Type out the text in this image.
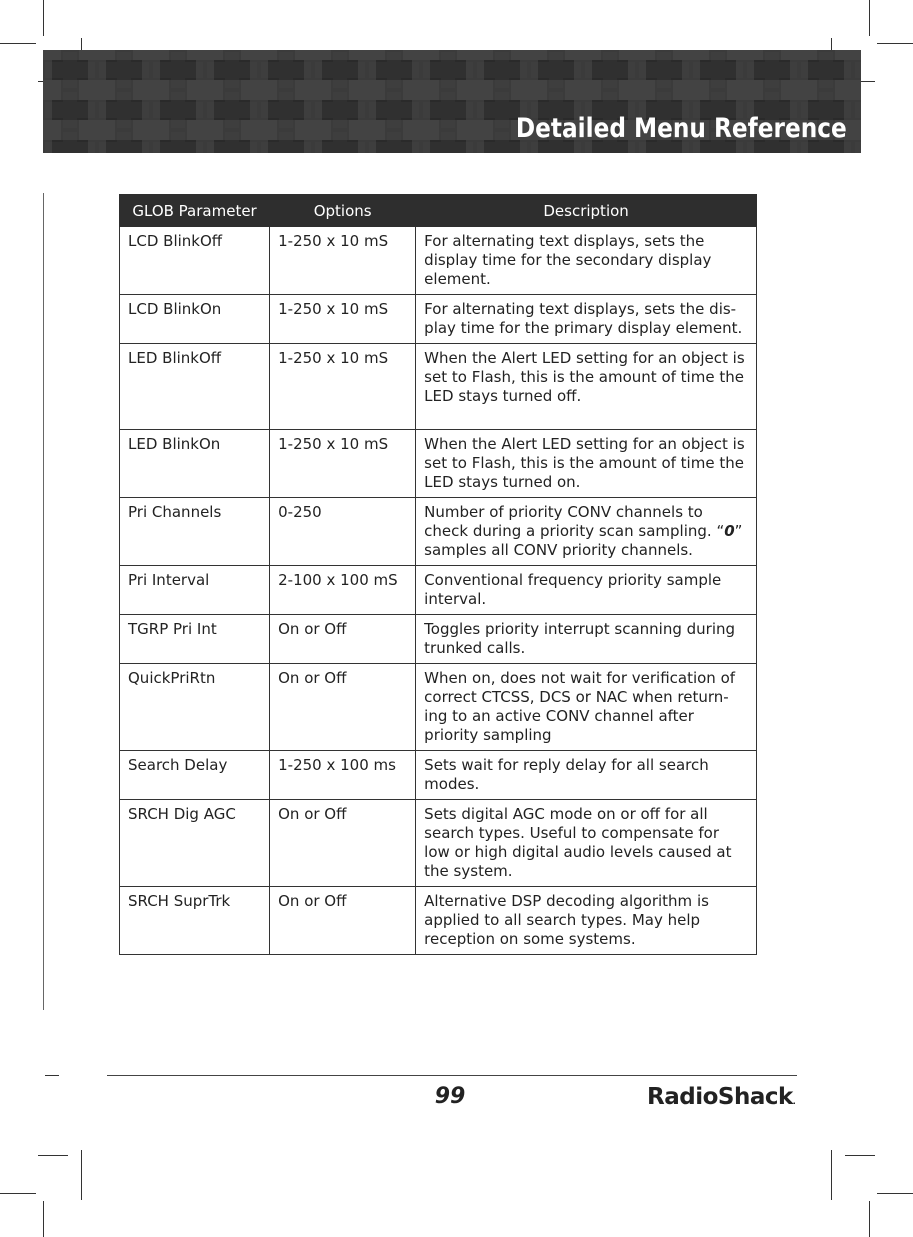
Detailed Menu Reference
GLOB Parameter	Options	Description
LCD BlinkOff	1-250 x 10 mS	For alternating text displays, sets the display time for the secondary display element.
LCD BlinkOn	1-250 x 10 mS	For alternating text displays, sets the dis-play time for the primary display element.
LED BlinkOff	1-250 x 10 mS	When the Alert LED setting for an object is set to Flash, this is the amount of time the LED stays turned off.
LED BlinkOn	1-250 x 10 mS	When the Alert LED setting for an object is set to Flash, this is the amount of time the LED stays turned on.
Pri Channels	0-250	Number of priority CONV channels to check during a priority scan sampling. “0” samples all CONV priority channels.
Pri Interval	2-100 x 100 mS	Conventional frequency priority sample interval.
TGRP Pri Int	On or Off	Toggles priority interrupt scanning during trunked calls.
QuickPriRtn	On or Off	When on, does not wait for verification of correct CTCSS, DCS or NAC when return-ing to an active CONV channel after priority sampling
Search Delay	1-250 x 100 ms	Sets wait for reply delay for all search modes.
SRCH Dig AGC	On or Off	Sets digital AGC mode on or off for all search types. Useful to compensate for low or high digital audio levels caused at the system.
SRCH SuprTrk	On or Off	Alternative DSP decoding algorithm is applied to all search types. May help reception on some systems.
99	RadioShack.
